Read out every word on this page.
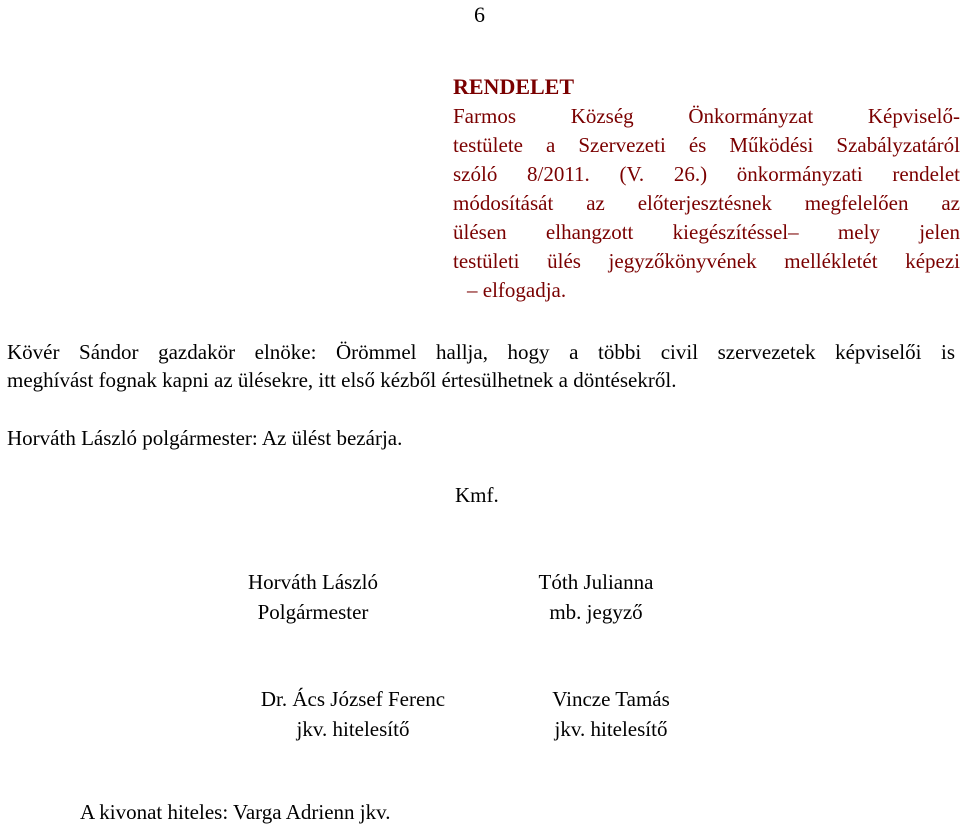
6
RENDELET
Farmos Község Önkormányzat Képviselő-
testülete a Szervezeti és Működési Szabályzatáról
szóló 8/2011. (V. 26.) önkormányzati rendelet
módosítását az előterjesztésnek megfelelően az
ülésen elhangzott kiegészítéssel– mely jelen
testületi ülés jegyzőkönyvének mellékletét képezi
– elfogadja.
Kövér Sándor gazdakör elnöke: Örömmel hallja, hogy a többi civil szervezetek képviselői is
meghívást fognak kapni az ülésekre, itt első kézből értesülhetnek a döntésekről.
Horváth László polgármester: Az ülést bezárja.
Kmf.
Horváth László
Polgármester
Tóth Julianna
mb. jegyző
Dr. Ács József Ferenc
jkv. hitelesítő
Vincze Tamás
jkv. hitelesítő
A kivonat hiteles: Varga Adrienn jkv.
